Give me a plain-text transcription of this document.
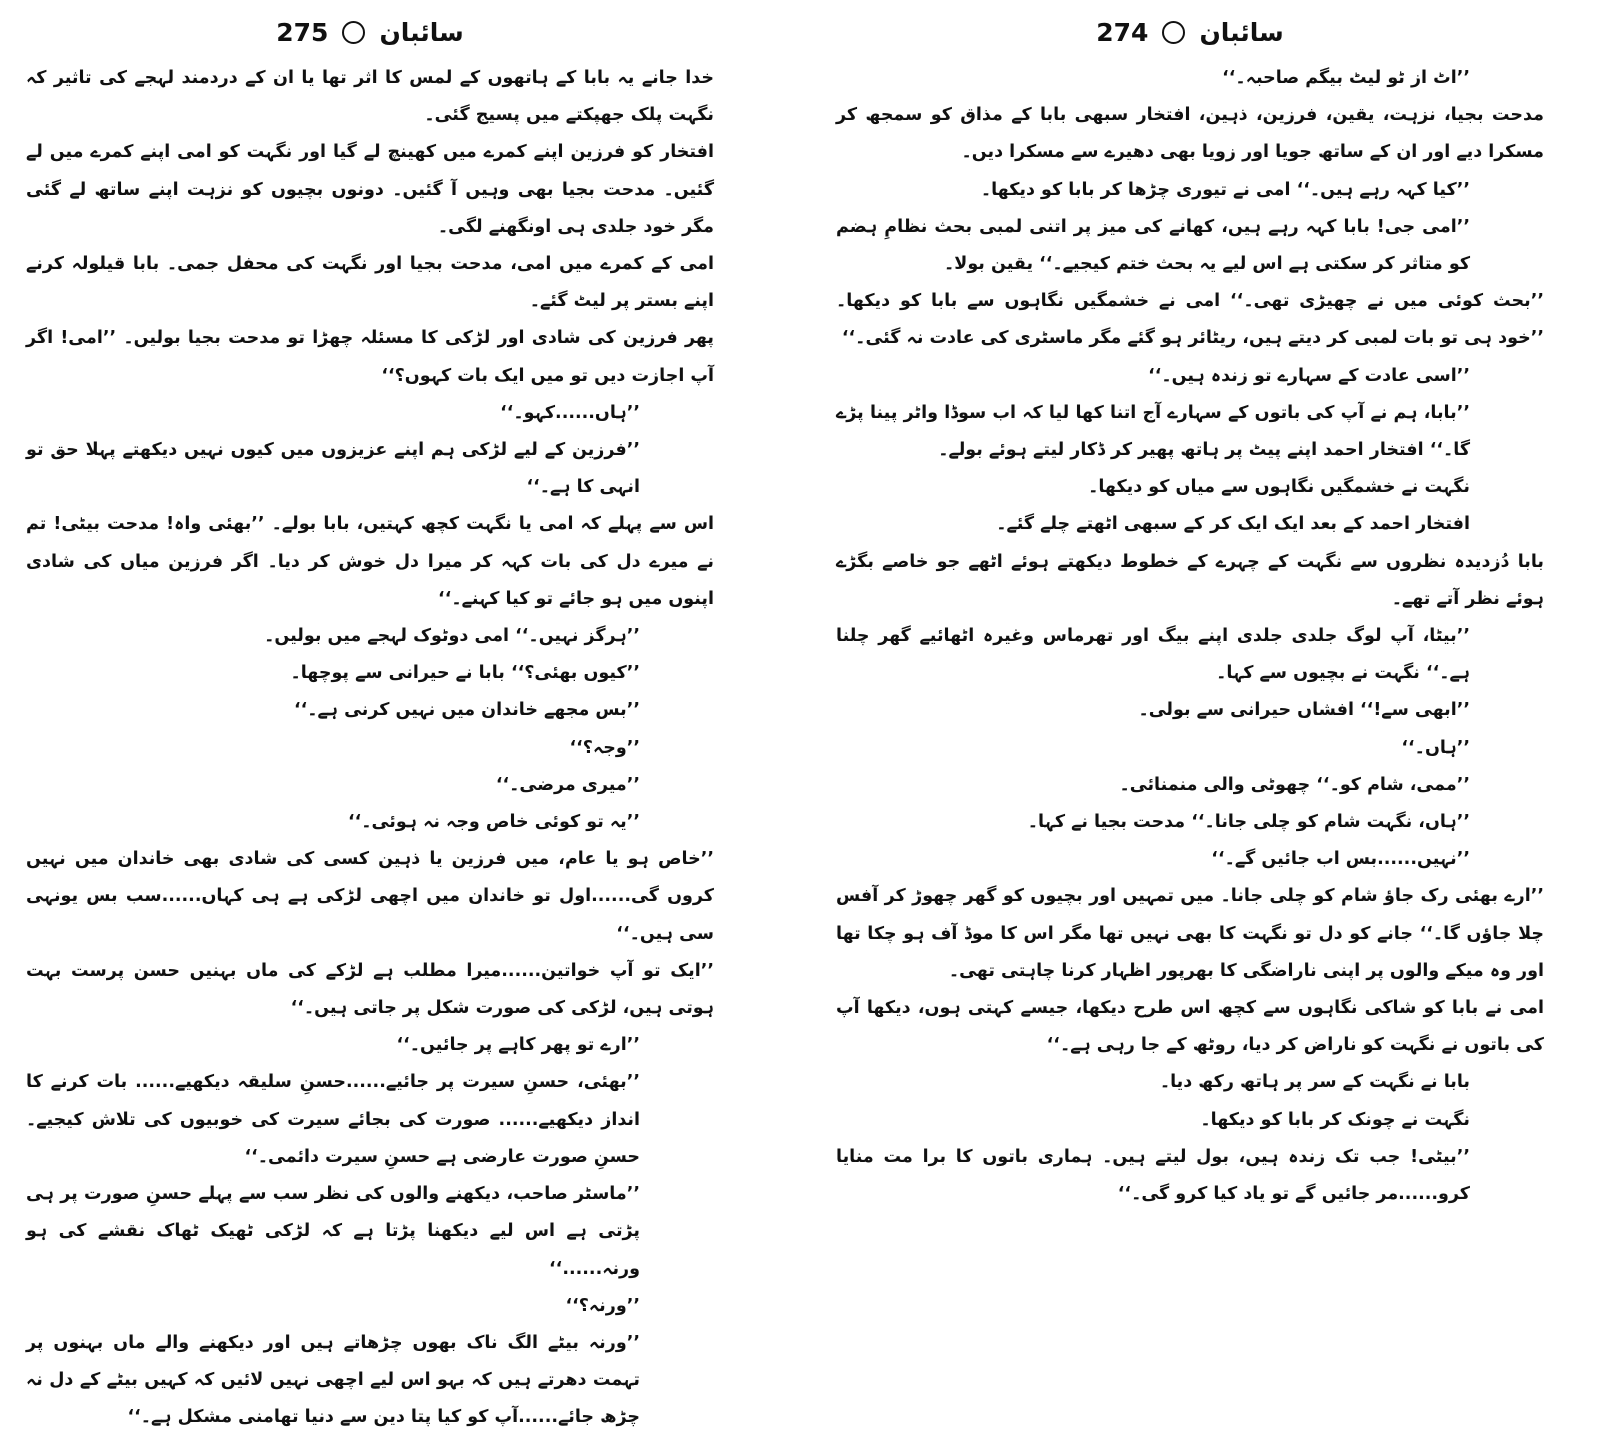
275 سائبان

خدا جانے یہ بابا کے ہاتھوں کے لمس کا اثر تھا یا ان کے دردمند لہجے کی تاثیر کہ نگہت پلک جھپکتے میں پسیج گئی۔

افتخار کو فرزین اپنے کمرے میں کھینچ لے گیا اور نگہت کو امی اپنے کمرے میں لے گئیں۔ مدحت بجیا بھی وہیں آ گئیں۔ دونوں بچیوں کو نزہت اپنے ساتھ لے گئی مگر خود جلدی ہی اونگھنے لگی۔

امی کے کمرے میں امی، مدحت بجیا اور نگہت کی محفل جمی۔ بابا قیلولہ کرنے اپنے بستر پر لیٹ گئے۔

پھر فرزین کی شادی اور لڑکی کا مسئلہ چھڑا تو مدحت بجیا بولیں۔ ’’امی! اگر آپ اجازت دیں تو میں ایک بات کہوں؟‘‘

’’ہاں......کہو۔‘‘

’’فرزین کے لیے لڑکی ہم اپنے عزیزوں میں کیوں نہیں دیکھتے پہلا حق تو انہی کا ہے۔‘‘

اس سے پہلے کہ امی یا نگہت کچھ کہتیں، بابا بولے۔ ’’بھئی واہ! مدحت بیٹی! تم نے میرے دل کی بات کہہ کر میرا دل خوش کر دیا۔ اگر فرزین میاں کی شادی اپنوں میں ہو جائے تو کیا کہنے۔‘‘

’’ہرگز نہیں۔‘‘ امی دوٹوک لہجے میں بولیں۔

’’کیوں بھئی؟‘‘ بابا نے حیرانی سے پوچھا۔

’’بس مجھے خاندان میں نہیں کرنی ہے۔‘‘

’’وجہ؟‘‘

’’میری مرضی۔‘‘

’’یہ تو کوئی خاص وجہ نہ ہوئی۔‘‘

’’خاص ہو یا عام، میں فرزین یا ذہین کسی کی شادی بھی خاندان میں نہیں کروں گی......اول تو خاندان میں اچھی لڑکی ہے ہی کہاں......سب بس یونہی سی ہیں۔‘‘

’’ایک تو آپ خواتین......میرا مطلب ہے لڑکے کی ماں بہنیں حسن پرست بہت ہوتی ہیں، لڑکی کی صورت شکل پر جاتی ہیں۔‘‘

’’ارے تو پھر کاہے پر جائیں۔‘‘

’’بھئی، حسنِ سیرت پر جائیے......حسنِ سلیقہ دیکھیے...... بات کرنے کا انداز دیکھیے...... صورت کی بجائے سیرت کی خوبیوں کی تلاش کیجیے۔ حسنِ صورت عارضی ہے حسنِ سیرت دائمی۔‘‘

’’ماسٹر صاحب، دیکھنے والوں کی نظر سب سے پہلے حسنِ صورت پر ہی پڑتی ہے اس لیے دیکھنا پڑتا ہے کہ لڑکی ٹھیک ٹھاک نقشے کی ہو ورنہ......‘‘

’’ورنہ؟‘‘

’’ورنہ بیٹے الگ ناک بھوں چڑھاتے ہیں اور دیکھنے والے ماں بہنوں پر تہمت دھرتے ہیں کہ بہو اس لیے اچھی نہیں لائیں کہ کہیں بیٹے کے دل نہ چڑھ جائے......آپ کو کیا پتا دین سے دنیا تھامنی مشکل ہے۔‘‘

274 سائبان

’’اٹ از ٹو لیٹ بیگم صاحبہ۔‘‘

مدحت بجیا، نزہت، یقین، فرزین، ذہین، افتخار سبھی بابا کے مذاق کو سمجھ کر مسکرا دیے اور ان کے ساتھ جویا اور زویا بھی دھیرے سے مسکرا دیں۔

’’کیا کہہ رہے ہیں۔‘‘ امی نے تیوری چڑھا کر بابا کو دیکھا۔

’’امی جی! بابا کہہ رہے ہیں، کھانے کی میز پر اتنی لمبی بحث نظامِ ہضم کو متاثر کر سکتی ہے اس لیے یہ بحث ختم کیجیے۔‘‘ یقین بولا۔

’’بحث کوئی میں نے چھیڑی تھی۔‘‘ امی نے خشمگیں نگاہوں سے بابا کو دیکھا۔ ’’خود ہی تو بات لمبی کر دیتے ہیں، ریٹائر ہو گئے مگر ماسٹری کی عادت نہ گئی۔‘‘

’’اسی عادت کے سہارے تو زندہ ہیں۔‘‘

’’بابا، ہم نے آپ کی باتوں کے سہارے آج اتنا کھا لیا کہ اب سوڈا واٹر پینا پڑے گا۔‘‘ افتخار احمد اپنے پیٹ پر ہاتھ پھیر کر ڈکار لیتے ہوئے بولے۔

نگہت نے خشمگیں نگاہوں سے میاں کو دیکھا۔

افتخار احمد کے بعد ایک ایک کر کے سبھی اٹھتے چلے گئے۔

بابا دُزدیدہ نظروں سے نگہت کے چہرے کے خطوط دیکھتے ہوئے اٹھے جو خاصے بگڑے ہوئے نظر آتے تھے۔

’’بیٹا، آپ لوگ جلدی جلدی اپنے بیگ اور تھرماس وغیرہ اٹھائیے گھر چلنا ہے۔‘‘ نگہت نے بچیوں سے کہا۔

’’ابھی سے!‘‘ افشاں حیرانی سے بولی۔

’’ہاں۔‘‘

’’ممی، شام کو۔‘‘ چھوٹی والی منمنائی۔

’’ہاں، نگہت شام کو چلی جانا۔‘‘ مدحت بجیا نے کہا۔

’’نہیں......بس اب جائیں گے۔‘‘

’’ارے بھئی رک جاؤ شام کو چلی جانا۔ میں تمہیں اور بچیوں کو گھر چھوڑ کر آفس چلا جاؤں گا۔‘‘ جانے کو دل تو نگہت کا بھی نہیں تھا مگر اس کا موڈ آف ہو چکا تھا اور وہ میکے والوں پر اپنی ناراضگی کا بھرپور اظہار کرنا چاہتی تھی۔

امی نے بابا کو شاکی نگاہوں سے کچھ اس طرح دیکھا، جیسے کہتی ہوں، دیکھا آپ کی باتوں نے نگہت کو ناراض کر دیا، روٹھ کے جا رہی ہے۔‘‘

بابا نے نگہت کے سر پر ہاتھ رکھ دیا۔

نگہت نے چونک کر بابا کو دیکھا۔

’’بیٹی! جب تک زندہ ہیں، بول لیتے ہیں۔ ہماری باتوں کا برا مت منایا کرو......مر جائیں گے تو یاد کیا کرو گی۔‘‘
